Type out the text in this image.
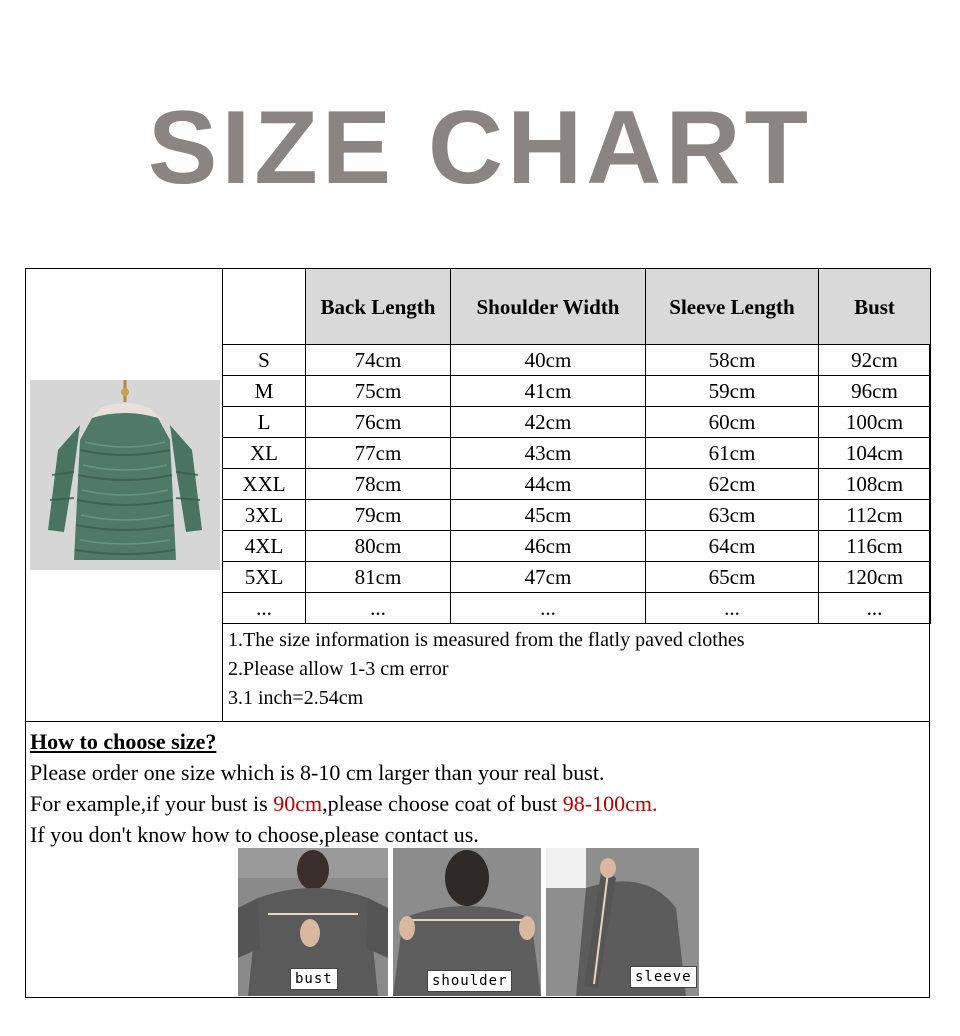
SIZE CHART
	Back Length	Shoulder Width	Sleeve Length	Bust
S	74cm	40cm	58cm	92cm
M	75cm	41cm	59cm	96cm
L	76cm	42cm	60cm	100cm
XL	77cm	43cm	61cm	104cm
XXL	78cm	44cm	62cm	108cm
3XL	79cm	45cm	63cm	112cm
4XL	80cm	46cm	64cm	116cm
5XL	81cm	47cm	65cm	120cm
...	...	...	...	...
1.The size information is measured from the flatly paved clothes
2.Please allow 1-3 cm error
3.1 inch=2.54cm
How to choose size?
Please order one size which is 8-10 cm larger than your real bust.
For example,if your bust is 90cm,please choose coat of bust 98-100cm.
If you don't know how to choose,please contact us.
bust	shoulder	sleeve
